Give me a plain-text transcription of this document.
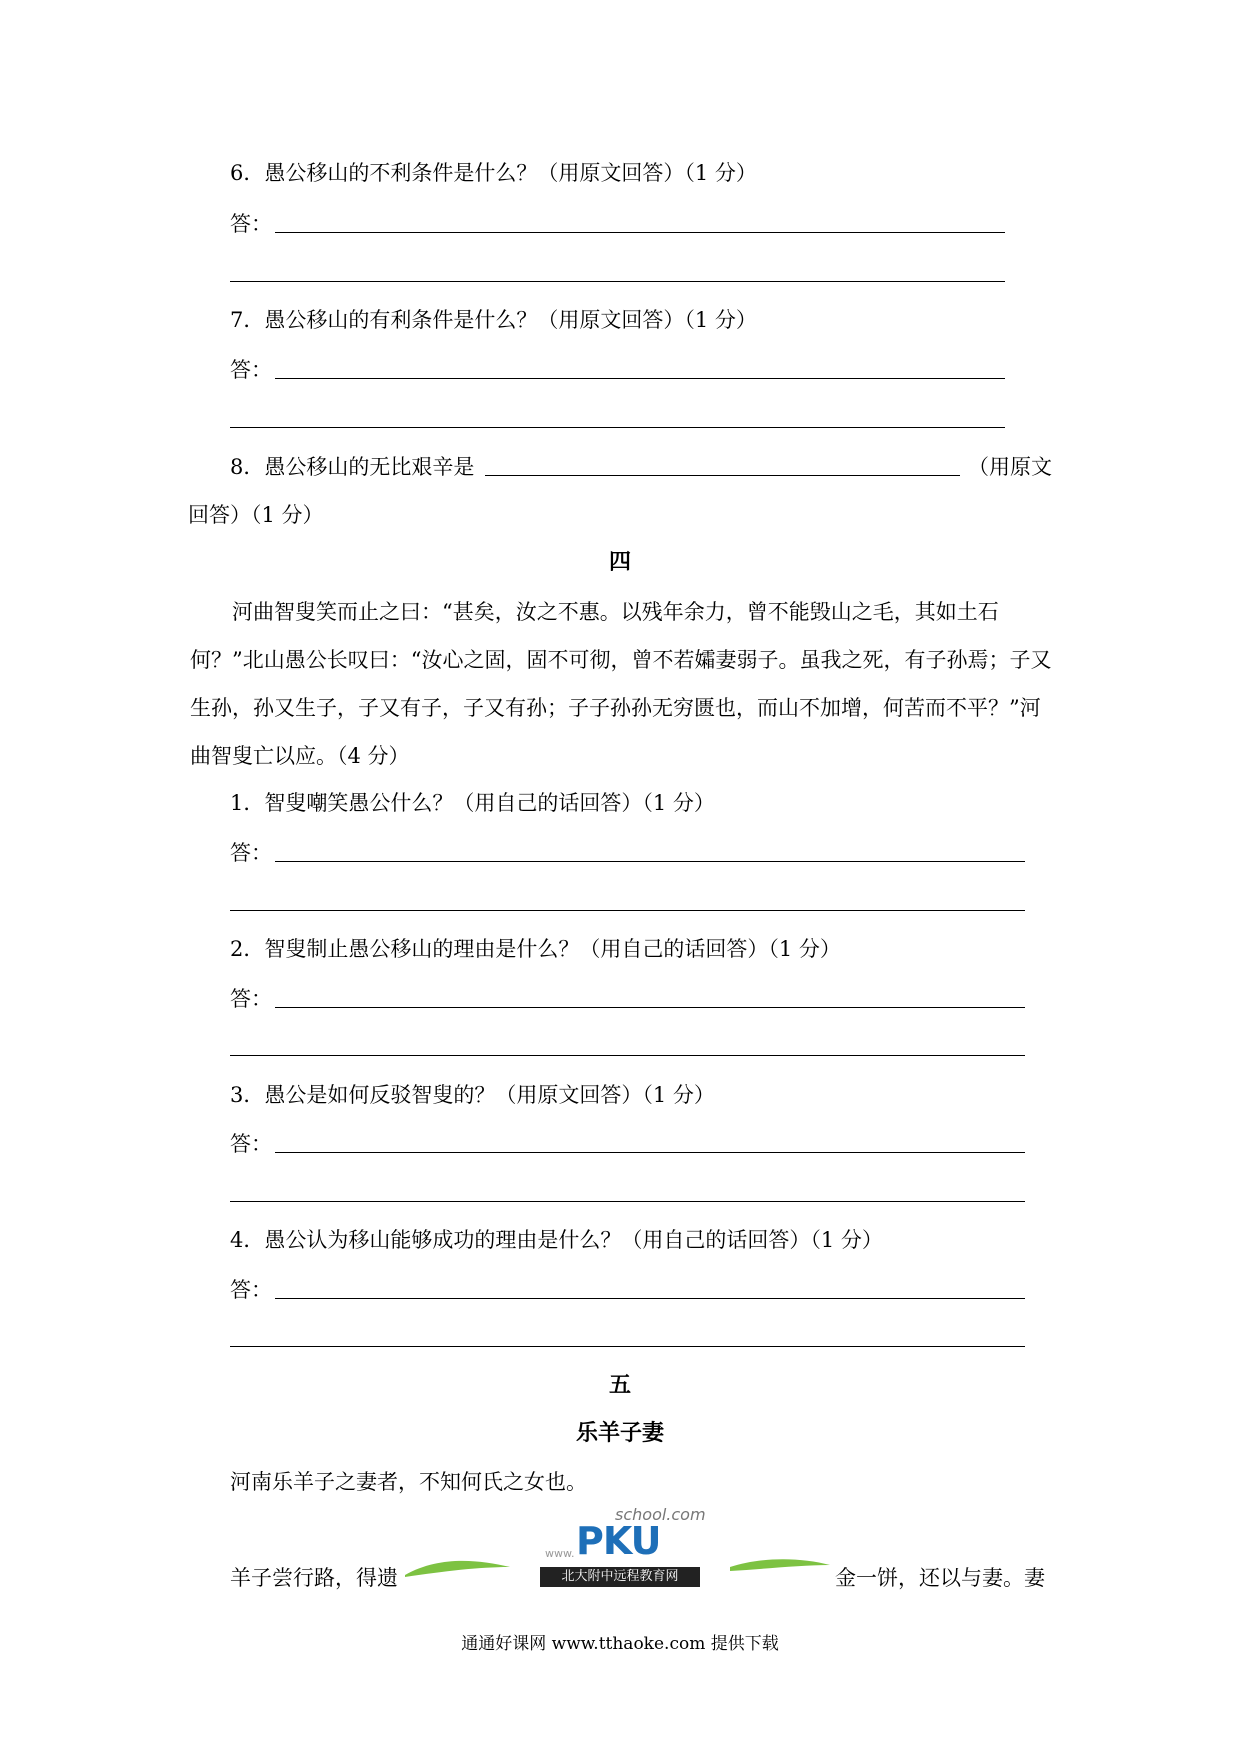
6．愚公移山的不利条件是什么？（用原文回答）（1 分）
答：
7．愚公移山的有利条件是什么？（用原文回答）（1 分）
答：
8．愚公移山的无比艰辛是	（用原文
回答）（1 分）
四
河曲智叟笑而止之曰：“甚矣，汝之不惠。以残年余力，曾不能毁山之毛，其如土石何？”北山愚公长叹曰：“汝心之固，固不可彻，曾不若孀妻弱子。虽我之死，有子孙焉；子又生孙，孙又生子，子又有子，子又有孙；子子孙孙无穷匮也，而山不加增，何苦而不平？”河曲智叟亡以应。（4 分）
1．智叟嘲笑愚公什么？（用自己的话回答）（1 分）
答：
2．智叟制止愚公移山的理由是什么？（用自己的话回答）（1 分）
答：
3．愚公是如何反驳智叟的？（用原文回答）（1 分）
答：
4．愚公认为移山能够成功的理由是什么？（用自己的话回答）（1 分）
答：
五
乐羊子妻
河南乐羊子之妻者，不知何氏之女也。
羊子尝行路，得遗	金一饼，还以与妻。妻
school.com
www. PKU
北大附中远程教育网
通通好课网 www.tthaoke.com 提供下载
